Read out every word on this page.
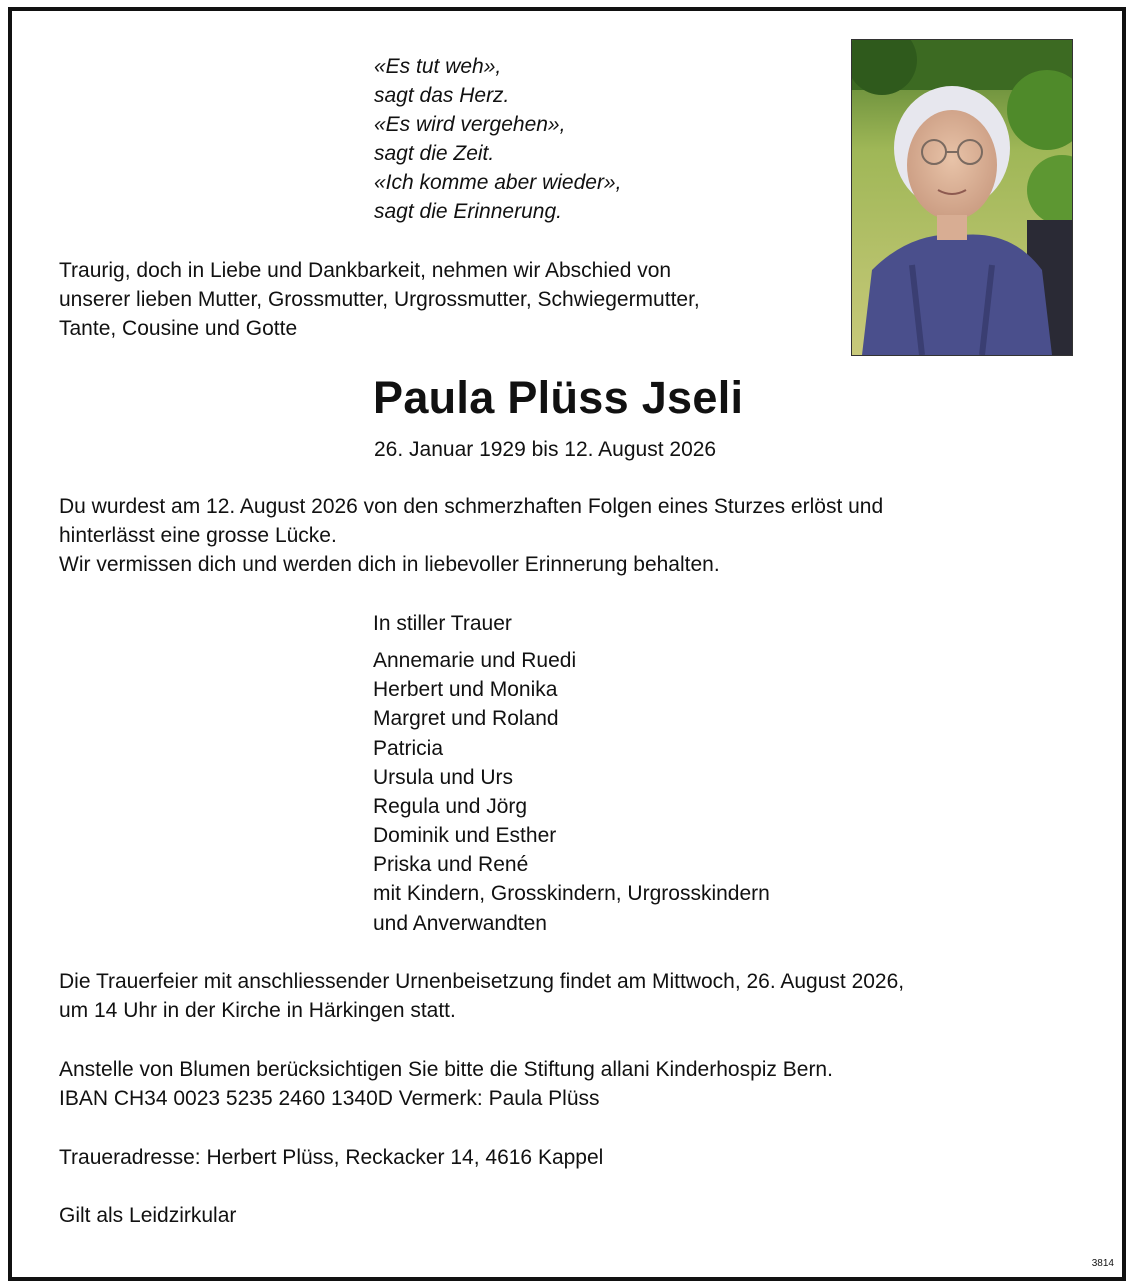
«Es tut weh»,
sagt das Herz.
«Es wird vergehen»,
sagt die Zeit.
«Ich komme aber wieder»,
sagt die Erinnerung.
Traurig, doch in Liebe und Dankbarkeit, nehmen wir Abschied von
unserer lieben Mutter, Grossmutter, Urgrossmutter, Schwiegermutter,
Tante, Cousine und Gotte
Paula Plüss Jseli
26. Januar 1929 bis 12. August 2026
Du wurdest am 12. August 2026 von den schmerzhaften Folgen eines Sturzes erlöst und
hinterlässt eine grosse Lücke.
Wir vermissen dich und werden dich in liebevoller Erinnerung behalten.
In stiller Trauer
Annemarie und Ruedi
Herbert und Monika
Margret und Roland
Patricia
Ursula und Urs
Regula und Jörg
Dominik und Esther
Priska und René
mit Kindern, Grosskindern, Urgrosskindern
und Anverwandten
Die Trauerfeier mit anschliessender Urnenbeisetzung findet am Mittwoch, 26. August 2026,
um 14 Uhr in der Kirche in Härkingen statt.
Anstelle von Blumen berücksichtigen Sie bitte die Stiftung allani Kinderhospiz Bern.
IBAN CH34 0023 5235 2460 1340D Vermerk: Paula Plüss
Traueradresse: Herbert Plüss, Reckacker 14, 4616 Kappel
Gilt als Leidzirkular
3814
